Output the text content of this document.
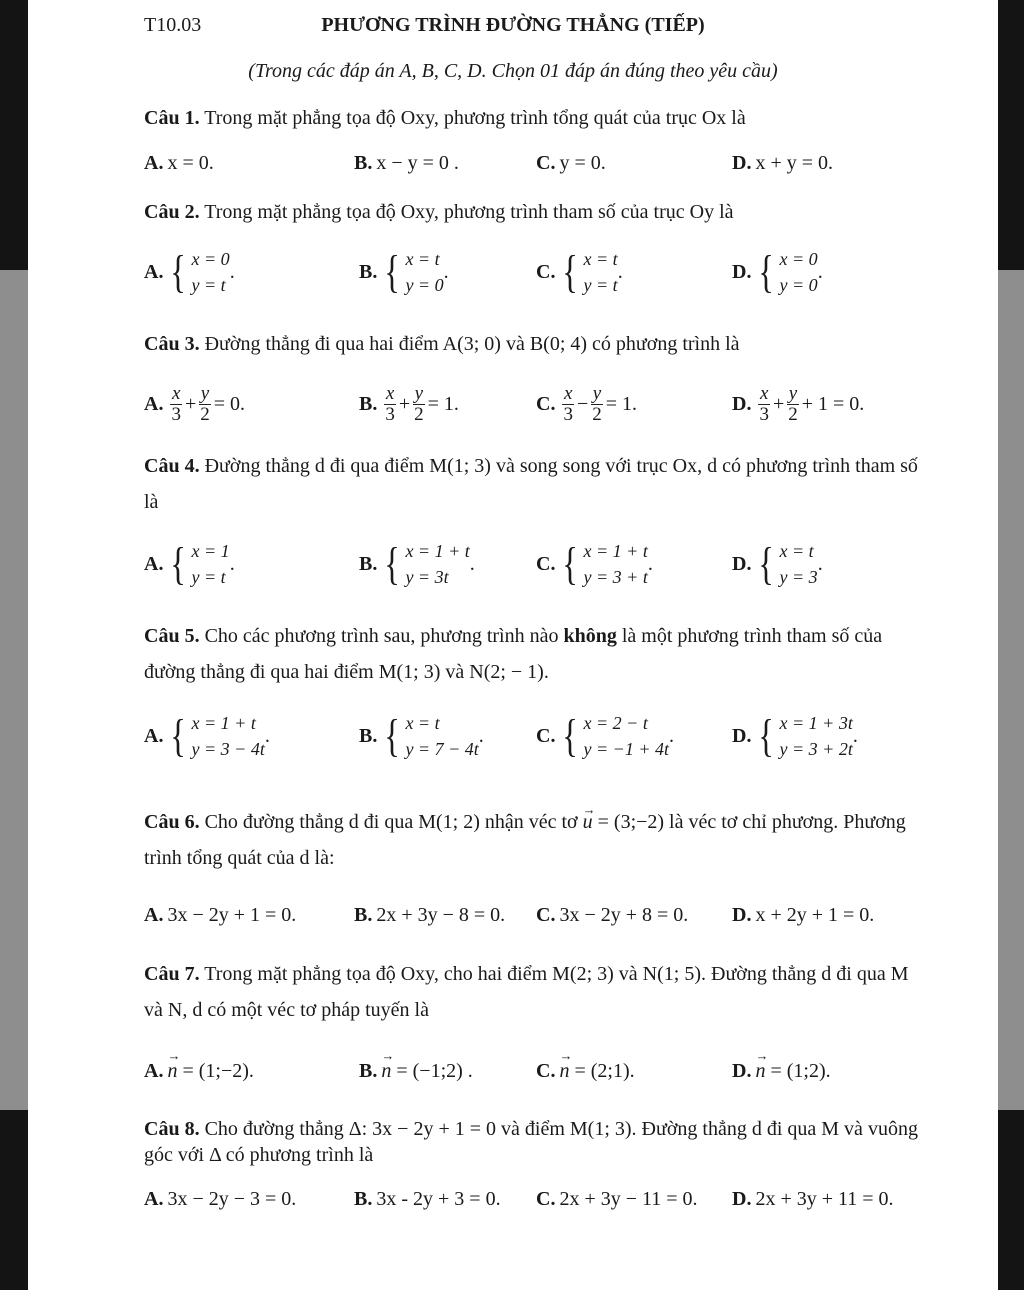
T10.03	PHƯƠNG TRÌNH ĐƯỜNG THẲNG (TIẾP)
(Trong các đáp án A, B, C, D. Chọn 01 đáp án đúng theo yêu cầu)
Câu 1. Trong mặt phẳng tọa độ Oxy, phương trình tổng quát của trục Ox là
A. x = 0.	B. x − y = 0 .	C. y = 0.	D. x + y = 0.
Câu 2. Trong mặt phẳng tọa độ Oxy, phương trình tham số của trục Oy là
A. { x = 0
y = t
.	B. { x = t
y = 0
.	C. { x = t
y = t
.	D. { x = 0
y = 0
.
Câu 3. Đường thẳng đi qua hai điểm A(3; 0) và B(0; 4) có phương trình là
A. $\frac{x}{3} + \frac{y}{2} = 0$.	B. $\frac{x}{3} + \frac{y}{2} = 1$.	C. $\frac{x}{3} - \frac{y}{2} = 1$.	D. $\frac{x}{3} + \frac{y}{2} + 1 = 0$.
Câu 4. Đường thẳng d đi qua điểm M(1; 3) và song song với trục Ox, d có phương trình tham số là
A. { x = 1
y = t
.	B. { x = 1 + t
y = 3t
.	C. { x = 1 + t
y = 3 + t
.	D. { x = t
y = 3
.
Câu 5. Cho các phương trình sau, phương trình nào không là một phương trình tham số của đường thẳng đi qua hai điểm M(1; 3) và N(2; − 1).
A. { x = 1 + t
y = 3 − 4t
.	B. { x = t
y = 7 − 4t
.	C. { x = 2 − t
y = −1 + 4t
.	D. { x = 1 + 3t
y = 3 + 2t
.
Câu 6. Cho đường thẳng d đi qua M(1; 2) nhận véc tơ → u = (3;−2) là véc tơ chỉ phương. Phương trình tổng quát của d là:
A. 3x − 2y + 1 = 0.	B. 2x + 3y − 8 = 0. C. 3x − 2y + 8 = 0. D. x + 2y + 1 = 0.
Câu 7. Trong mặt phẳng tọa độ Oxy, cho hai điểm M(2; 3) và N(1; 5). Đường thẳng d đi qua M và N, d có một véc tơ pháp tuyến là
A. → n
= (1;−2).	B. → n
= (−1;2) .	C. → n
= (2;1).	D. → n
= (1;2).
Câu 8. Cho đường thẳng Δ: 3x − 2y + 1 = 0 và điểm M(1; 3). Đường thẳng d đi qua M và vuông góc với Δ có phương trình là
A. 3x − 2y − 3 = 0.	B. 3x - 2y + 3 = 0. C. 2x + 3y − 11 = 0. D. 2x + 3y + 11 = 0.
